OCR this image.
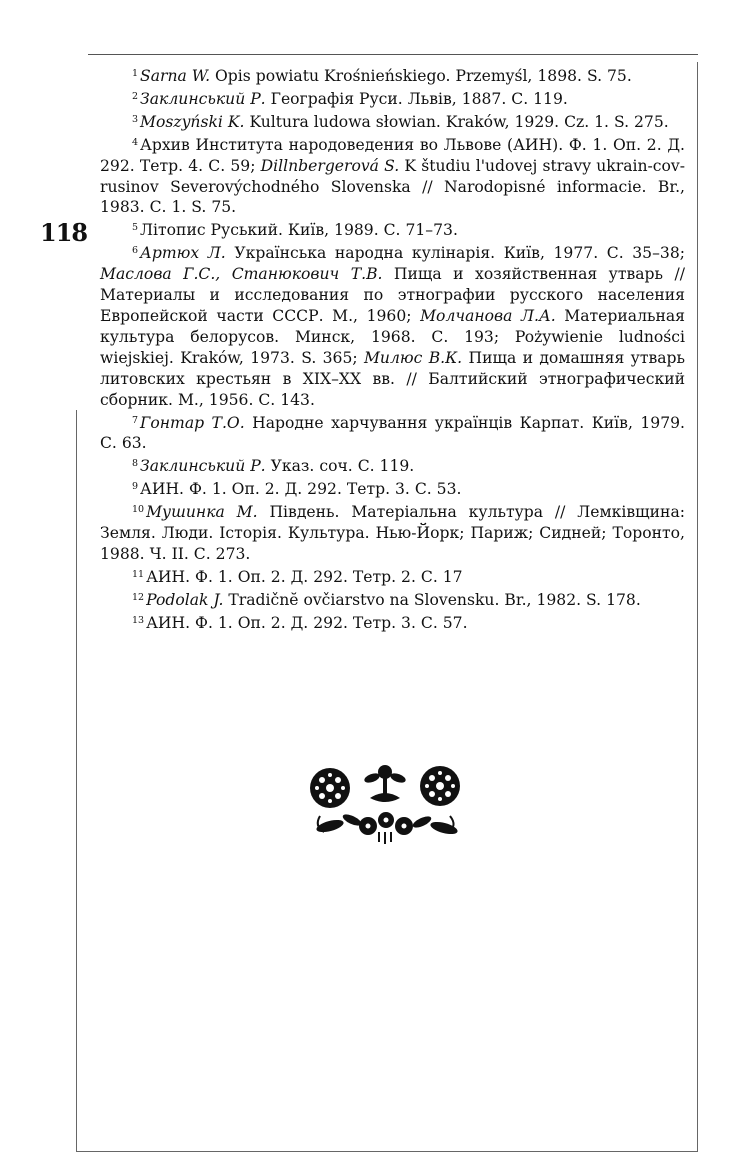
118

$^1$ Sarna W. Opis powiatu Krośnieńskiego. Przemyśl, 1898. S. 75.

$^2$ Заклинський Р. Географія Руси. Львів, 1887. С. 119.

$^3$ Moszyński K. Kultura ludowa słowian. Kraków, 1929. Cz. 1. S. 275.

$^4$ Архив Института народоведения во Львове (АИН). Ф. 1. Оп. 2. Д. 292. Тетр. 4. С. 59; Dillnbergerová S. K študiu l'udovej stravy ukrain-cov-rusinov Severovýchodného Slovenska // Narodopisné informacie. Br., 1983. С. 1. S. 75.

$^5$ Літопис Руський. Київ, 1989. С. 71–73.

$^6$ Артюх Л. Українська народна кулінарія. Київ, 1977. С. 35–38; Маслова Г.С., Станюкович Т.В. Пища и хозяйственная утварь // Материалы и исследования по этнографии русского населения Европейской части СССР. М., 1960; Молчанова Л.А. Материальная культура белорусов. Минск, 1968. С. 193; Pożywienie ludności wiejskiej. Kraków, 1973. S. 365; Милюс В.К. Пища и домашняя утварь литовских крестьян в XIX–XX вв. // Балтийский этнографический сборник. М., 1956. С. 143.

$^7$ Гонтар Т.О. Народне харчування українців Карпат. Київ, 1979. С. 63.

$^8$ Заклинський Р. Указ. соч. С. 119.

$^9$ АИН. Ф. 1. Оп. 2. Д. 292. Тетр. 3. С. 53.

$^{10}$ Мушинка М. Південь. Матеріальна культура // Лемківщина: Земля. Люди. Історія. Культура. Нью-Йорк; Париж; Сидней; Торонто, 1988. Ч. II. С. 273.

$^{11}$ АИН. Ф. 1. Оп. 2. Д. 292. Тетр. 2. С. 17

$^{12}$ Podolak J. Tradičnĕ ovčiarstvo na Slovensku. Br., 1982. S. 178.

$^{13}$ АИН. Ф. 1. Оп. 2. Д. 292. Тетр. 3. С. 57.
